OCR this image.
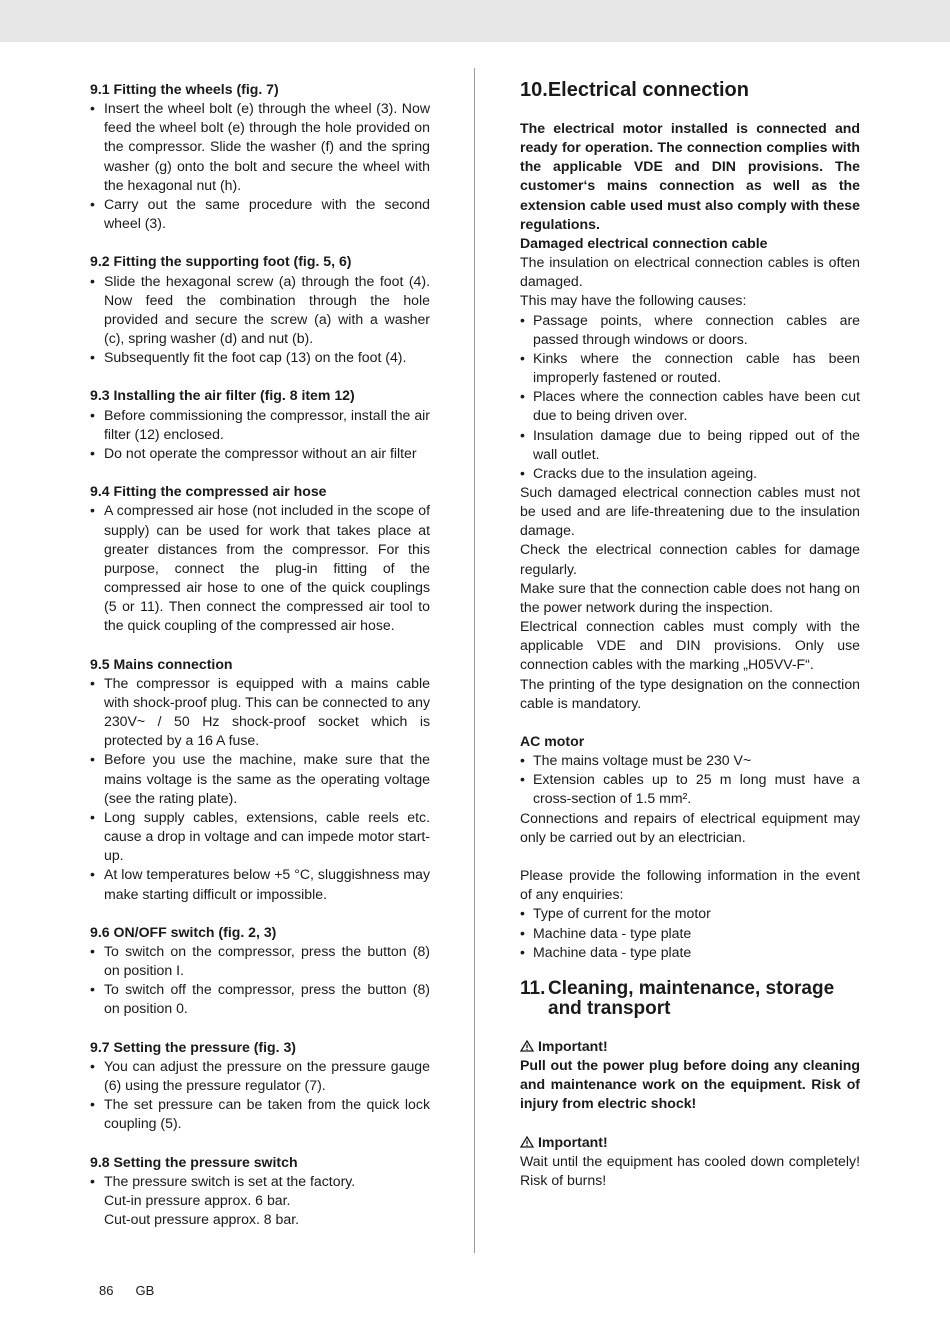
9.1 Fitting the wheels (fig. 7)

• Insert the wheel bolt (e) through the wheel (3). Now feed the wheel bolt (e) through the hole provided on the compressor. Slide the washer (f) and the spring washer (g) onto the bolt and secure the wheel with the hexagonal nut (h).
• Carry out the same procedure with the second wheel (3).

9.2 Fitting the supporting foot (fig. 5, 6)

• Slide the hexagonal screw (a) through the foot (4). Now feed the combination through the hole provided and secure the screw (a) with a washer (c), spring washer (d) and nut (b).
• Subsequently fit the foot cap (13) on the foot (4).

9.3 Installing the air filter (fig. 8 item 12)

• Before commissioning the compressor, install the air filter (12) enclosed.
• Do not operate the compressor without an air filter

9.4 Fitting the compressed air hose

• A compressed air hose (not included in the scope of supply) can be used for work that takes place at greater distances from the compressor. For this purpose, connect the plug-in fitting of the compressed air hose to one of the quick couplings (5 or 11). Then connect the compressed air tool to the quick coupling of the compressed air hose.

9.5 Mains connection

• The compressor is equipped with a mains cable with shock-proof plug. This can be connected to any 230V~ / 50 Hz shock-proof socket which is protected by a 16 A fuse.
• Before you use the machine, make sure that the mains voltage is the same as the operating voltage (see the rating plate).
• Long supply cables, extensions, cable reels etc. cause a drop in voltage and can impede motor start-up.
• At low temperatures below +5 °C, sluggishness may make starting difficult or impossible.

9.6 ON/OFF switch (fig. 2, 3)

• To switch on the compressor, press the button (8) on position I.
• To switch off the compressor, press the button (8) on position 0.

9.7 Setting the pressure (fig. 3)

• You can adjust the pressure on the pressure gauge (6) using the pressure regulator (7).
• The set pressure can be taken from the quick lock coupling (5).

9.8 Setting the pressure switch

• The pressure switch is set at the factory.
Cut-in pressure approx. 6 bar.
Cut-out pressure approx. 8 bar.
10. Electrical connection

The electrical motor installed is connected and ready for operation. The connection complies with the applicable VDE and DIN provisions. The customer‘s mains connection as well as the extension cable used must also comply with these regulations.

Damaged electrical connection cable

The insulation on electrical connection cables is often damaged.

This may have the following causes:

• Passage points, where connection cables are passed through windows or doors.
• Kinks where the connection cable has been improperly fastened or routed.
• Places where the connection cables have been cut due to being driven over.
• Insulation damage due to being ripped out of the wall outlet.
• Cracks due to the insulation ageing.

Such damaged electrical connection cables must not be used and are life-threatening due to the insulation damage.

Check the electrical connection cables for damage regularly.

Make sure that the connection cable does not hang on the power network during the inspection.

Electrical connection cables must comply with the applicable VDE and DIN provisions. Only use connection cables with the marking „H05VV-F“.

The printing of the type designation on the connection cable is mandatory.

AC motor

• The mains voltage must be 230 V~
• Extension cables up to 25 m long must have a cross-section of 1.5 mm².

Connections and repairs of electrical equipment may only be carried out by an electrician.

Please provide the following information in the event of any enquiries:

• Type of current for the motor
• Machine data - type plate
• Machine data - type plate
11. Cleaning, maintenance, storage and transport

Important!

Pull out the power plug before doing any cleaning and maintenance work on the equipment. Risk of injury from electric shock!

Important!

Wait until the equipment has cooled down completely! Risk of burns!

86 GB
